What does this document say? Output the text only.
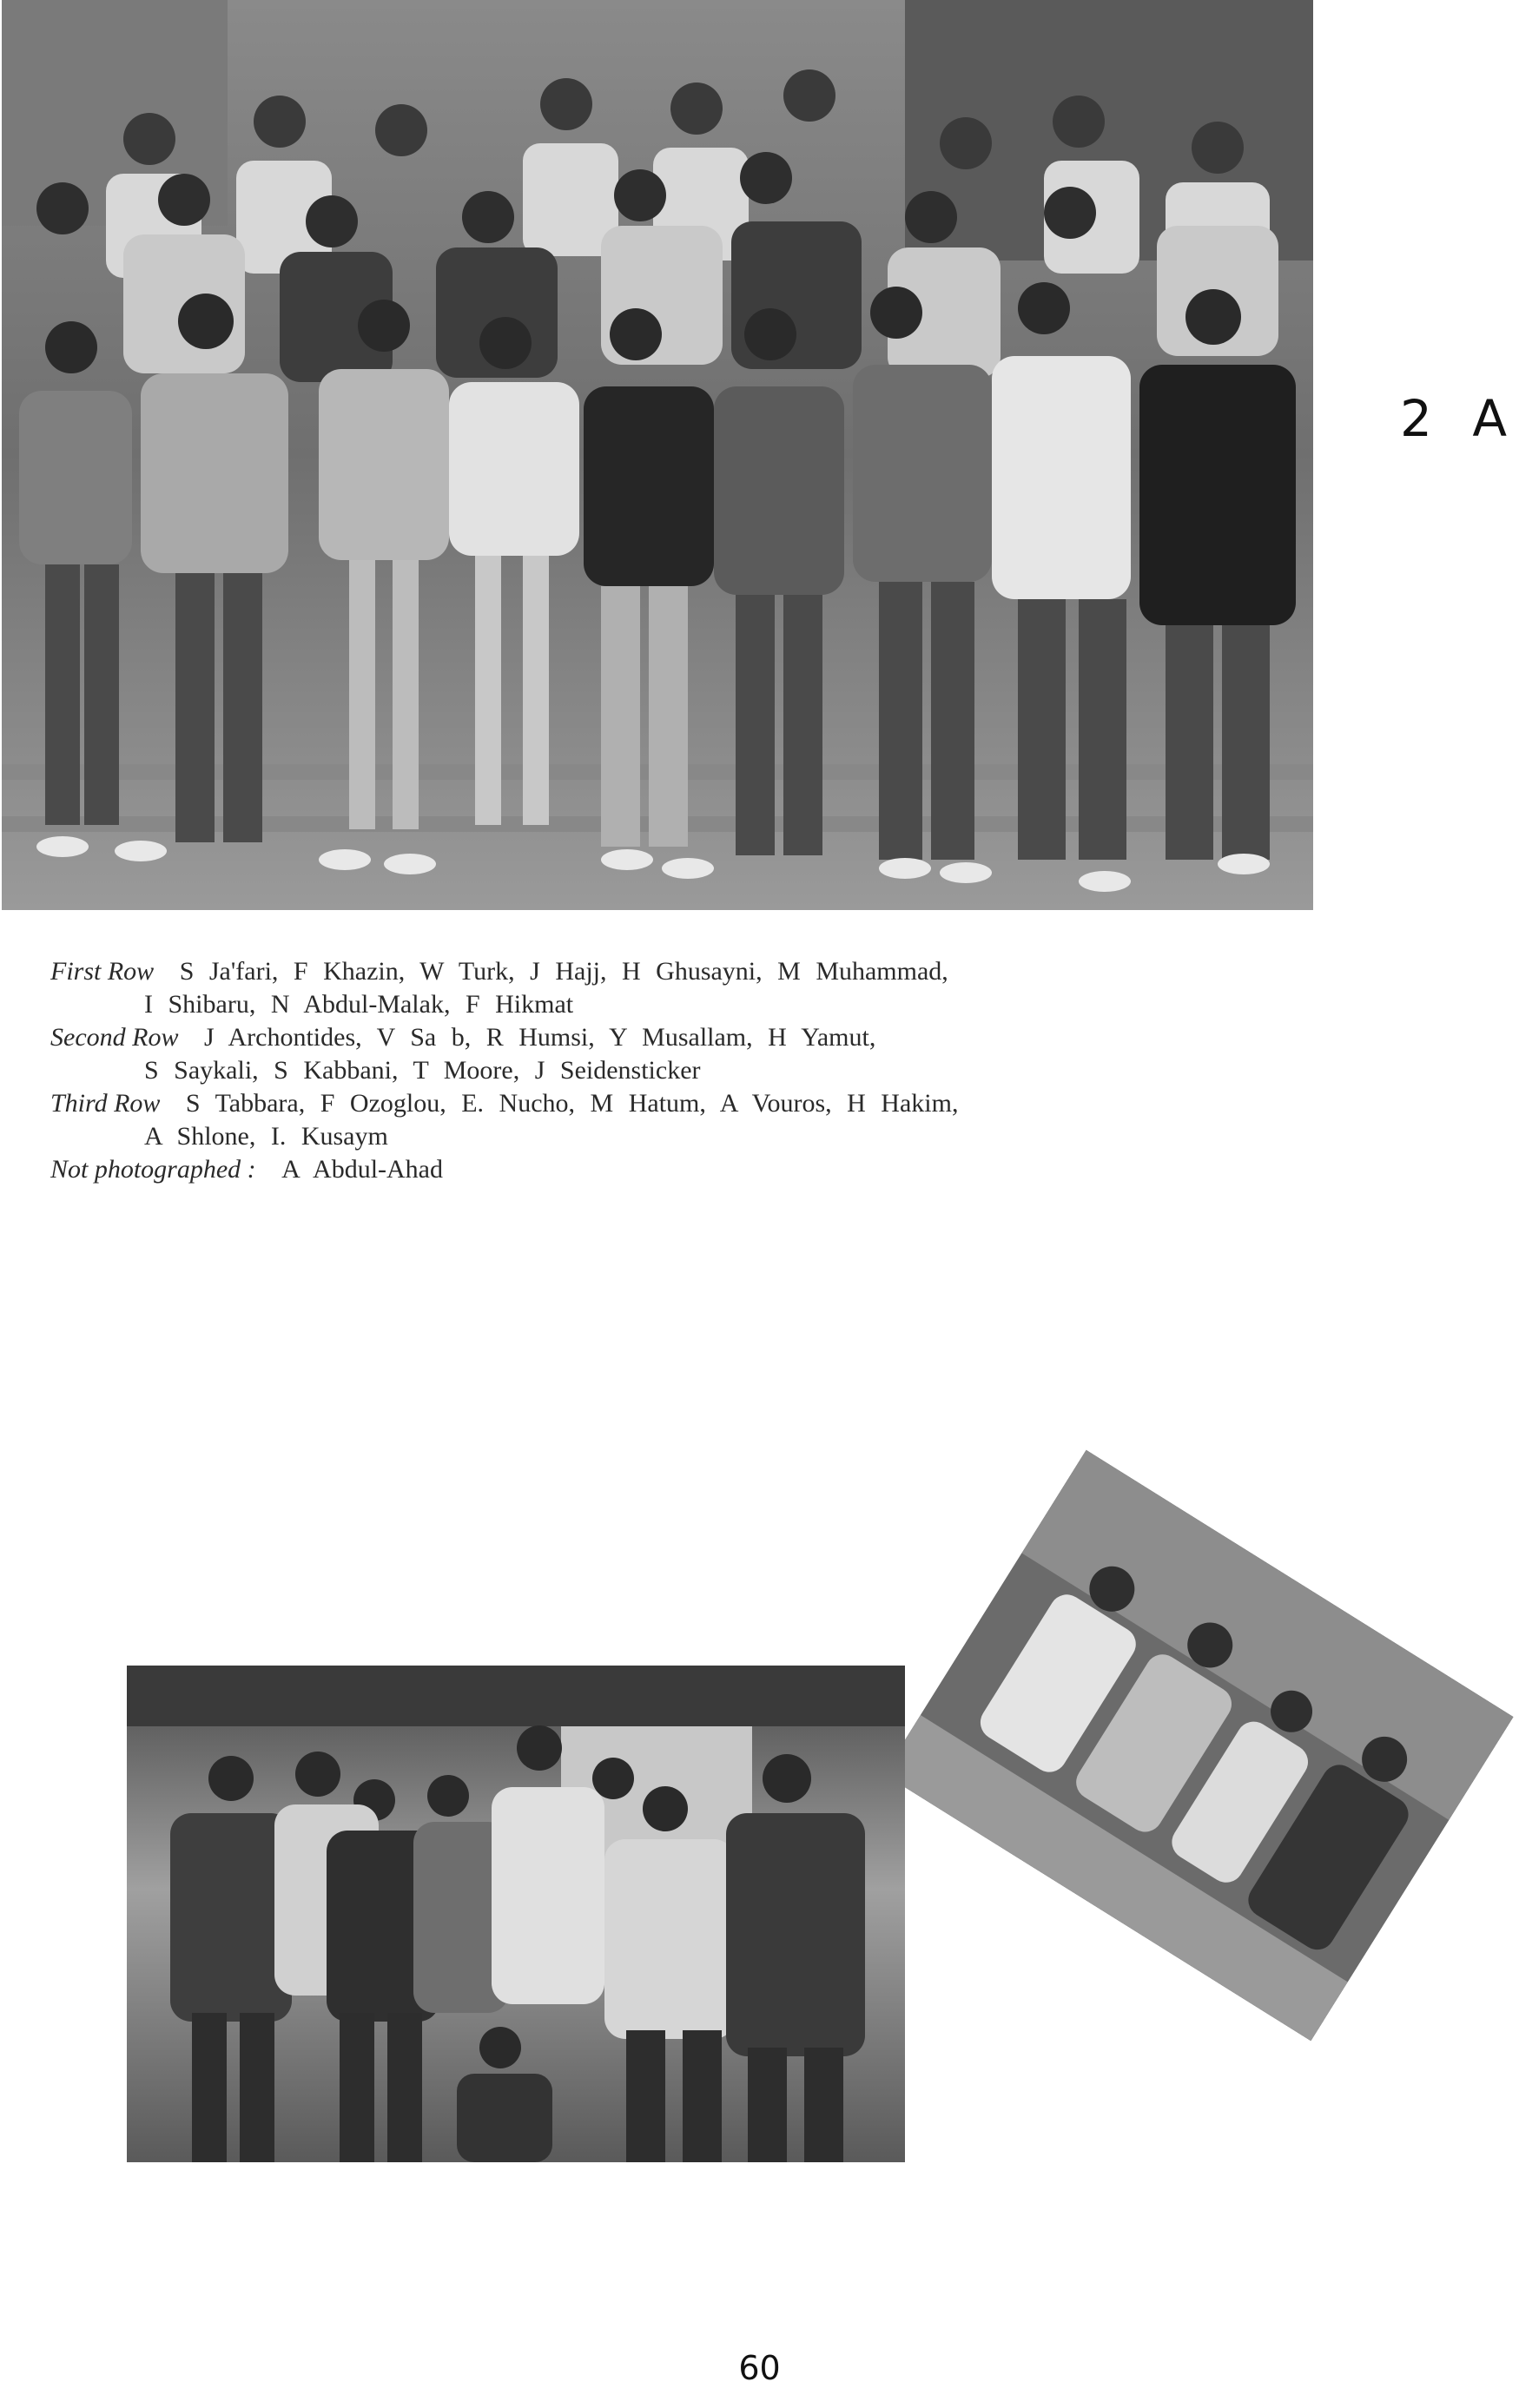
2 A
First Row S Ja'fari, F Khazin, W Turk, J Hajj, H Ghusayni, M Muhammad,
I Shibaru, N Abdul-Malak, F Hikmat
Second Row J Archontides, V Sa b, R Humsi, Y Musallam, H Yamut,
S Saykali, S Kabbani, T Moore, J Seidensticker
Third Row S Tabbara, F Ozoglou, E. Nucho, M Hatum, A Vouros, H Hakim,
A Shlone, I. Kusaym
Not photographed : A Abdul-Ahad
60
